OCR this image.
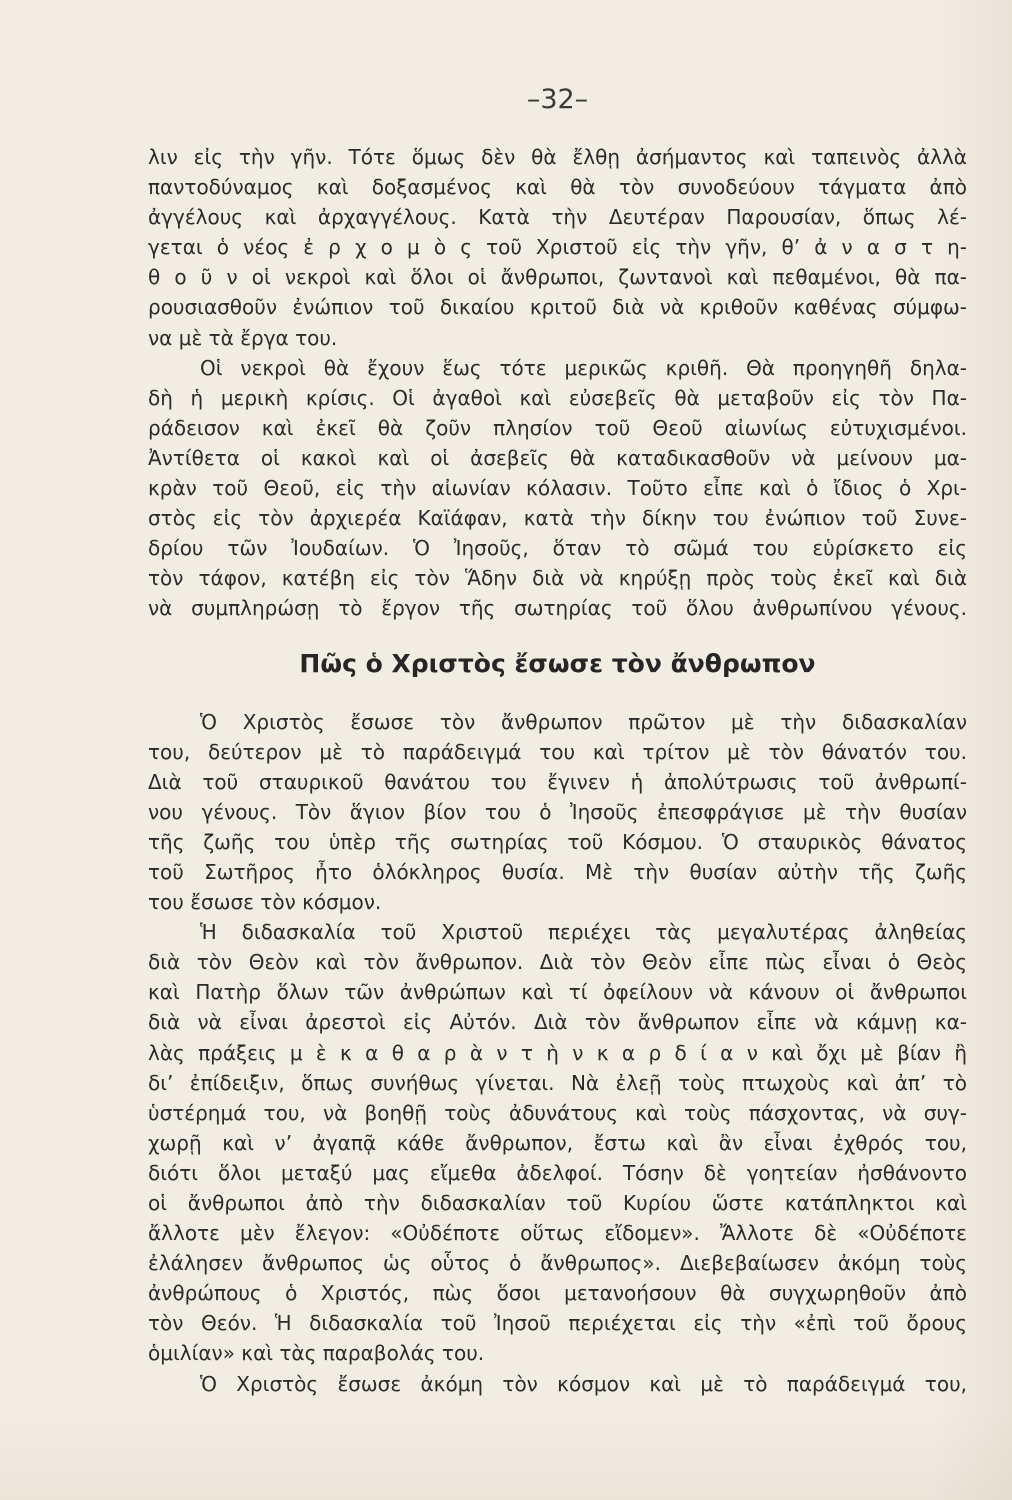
–32–
λιν εἰς τὴν γῆν. Τότε ὅμως δὲν θὰ ἔλθῃ ἀσήμαντος καὶ ταπεινὸς ἀλλὰ
παντοδύναμος καὶ δοξασμένος καὶ θὰ τὸν συνοδεύουν τάγματα ἀπὸ
ἀγγέλους καὶ ἀρχαγγέλους. Κατὰ τὴν Δευτέραν Παρουσίαν, ὅπως λέ-
γεται ὁ νέος ἐ ρ χ ο μ ὸ ς τοῦ Χριστοῦ εἰς τὴν γῆν, θ’ ἀ ν α σ τ η-
θ ο ῦ ν οἱ νεκροὶ καὶ ὅλοι οἱ ἄνθρωποι, ζωντανοὶ καὶ πεθαμένοι, θὰ πα-
ρουσιασθοῦν ἐνώπιον τοῦ δικαίου κριτοῦ διὰ νὰ κριθοῦν καθένας σύμφω-
να μὲ τὰ ἔργα του.
Οἱ νεκροὶ θὰ ἔχουν ἕως τότε μερικῶς κριθῆ. Θὰ προηγηθῆ δηλα-
δὴ ἡ μερικὴ κρίσις. Οἱ ἀγαθοὶ καὶ εὐσεβεῖς θὰ μεταβοῦν εἰς τὸν Πα-
ράδεισον καὶ ἐκεῖ θὰ ζοῦν πλησίον τοῦ Θεοῦ αἰωνίως εὐτυχισμένοι.
Ἀντίθετα οἱ κακοὶ καὶ οἱ ἀσεβεῖς θὰ καταδικασθοῦν νὰ μείνουν μα-
κρὰν τοῦ Θεοῦ, εἰς τὴν αἰωνίαν κόλασιν. Τοῦτο εἶπε καὶ ὁ ἴδιος ὁ Χρι-
στὸς εἰς τὸν ἀρχιερέα Καϊάφαν, κατὰ τὴν δίκην του ἐνώπιον τοῦ Συνε-
δρίου τῶν Ἰουδαίων. Ὁ Ἰησοῦς, ὅταν τὸ σῶμά του εὑρίσκετο εἰς
τὸν τάφον, κατέβη εἰς τὸν Ἅδην διὰ νὰ κηρύξῃ πρὸς τοὺς ἐκεῖ καὶ διὰ
νὰ συμπληρώσῃ τὸ ἔργον τῆς σωτηρίας τοῦ ὅλου ἀνθρωπίνου γένους.
Πῶς ὁ Χριστὸς ἔσωσε τὸν ἄνθρωπον
Ὁ Χριστὸς ἔσωσε τὸν ἄνθρωπον πρῶτον μὲ τὴν διδασκαλίαν
του, δεύτερον μὲ τὸ παράδειγμά του καὶ τρίτον μὲ τὸν θάνατόν του.
Διὰ τοῦ σταυρικοῦ θανάτου του ἔγινεν ἡ ἀπολύτρωσις τοῦ ἀνθρωπί-
νου γένους. Τὸν ἅγιον βίον του ὁ Ἰησοῦς ἐπεσφράγισε μὲ τὴν θυσίαν
τῆς ζωῆς του ὑπὲρ τῆς σωτηρίας τοῦ Κόσμου. Ὁ σταυρικὸς θάνατος
τοῦ Σωτῆρος ἦτο ὁλόκληρος θυσία. Μὲ τὴν θυσίαν αὐτὴν τῆς ζωῆς
του ἔσωσε τὸν κόσμον.
Ἡ διδασκαλία τοῦ Χριστοῦ περιέχει τὰς μεγαλυτέρας ἀληθείας
διὰ τὸν Θεὸν καὶ τὸν ἄνθρωπον. Διὰ τὸν Θεὸν εἶπε πὼς εἶναι ὁ Θεὸς
καὶ Πατὴρ ὅλων τῶν ἀνθρώπων καὶ τί ὀφείλουν νὰ κάνουν οἱ ἄνθρωποι
διὰ νὰ εἶναι ἀρεστοὶ εἰς Αὐτόν. Διὰ τὸν ἄνθρωπον εἶπε νὰ κάμνῃ κα-
λὰς πράξεις μ ὲ κ α θ α ρ ὰ ν τ ὴ ν κ α ρ δ ί α ν καὶ ὄχι μὲ βίαν ἢ
δι’ ἐπίδειξιν, ὅπως συνήθως γίνεται. Νὰ ἐλεῇ τοὺς πτωχοὺς καὶ ἀπ’ τὸ
ὑστέρημά του, νὰ βοηθῇ τοὺς ἀδυνάτους καὶ τοὺς πάσχοντας, νὰ συγ-
χωρῇ καὶ ν’ ἀγαπᾷ κάθε ἄνθρωπον, ἔστω καὶ ἂν εἶναι ἐχθρός του,
διότι ὅλοι μεταξύ μας εἴμεθα ἀδελφοί. Τόσην δὲ γοητείαν ἠσθάνοντο
οἱ ἄνθρωποι ἀπὸ τὴν διδασκαλίαν τοῦ Κυρίου ὥστε κατάπληκτοι καὶ
ἄλλοτε μὲν ἔλεγον: «Οὐδέποτε οὕτως εἴδομεν». Ἄλλοτε δὲ «Οὐδέποτε
ἐλάλησεν ἄνθρωπος ὡς οὗτος ὁ ἄνθρωπος». Διεβεβαίωσεν ἀκόμη τοὺς
ἀνθρώπους ὁ Χριστός, πὼς ὅσοι μετανοήσουν θὰ συγχωρηθοῦν ἀπὸ
τὸν Θεόν. Ἡ διδασκαλία τοῦ Ἰησοῦ περιέχεται εἰς τὴν «ἐπὶ τοῦ ὄρους
ὁμιλίαν» καὶ τὰς παραβολάς του.
Ὁ Χριστὸς ἔσωσε ἀκόμη τὸν κόσμον καὶ μὲ τὸ παράδειγμά του,
